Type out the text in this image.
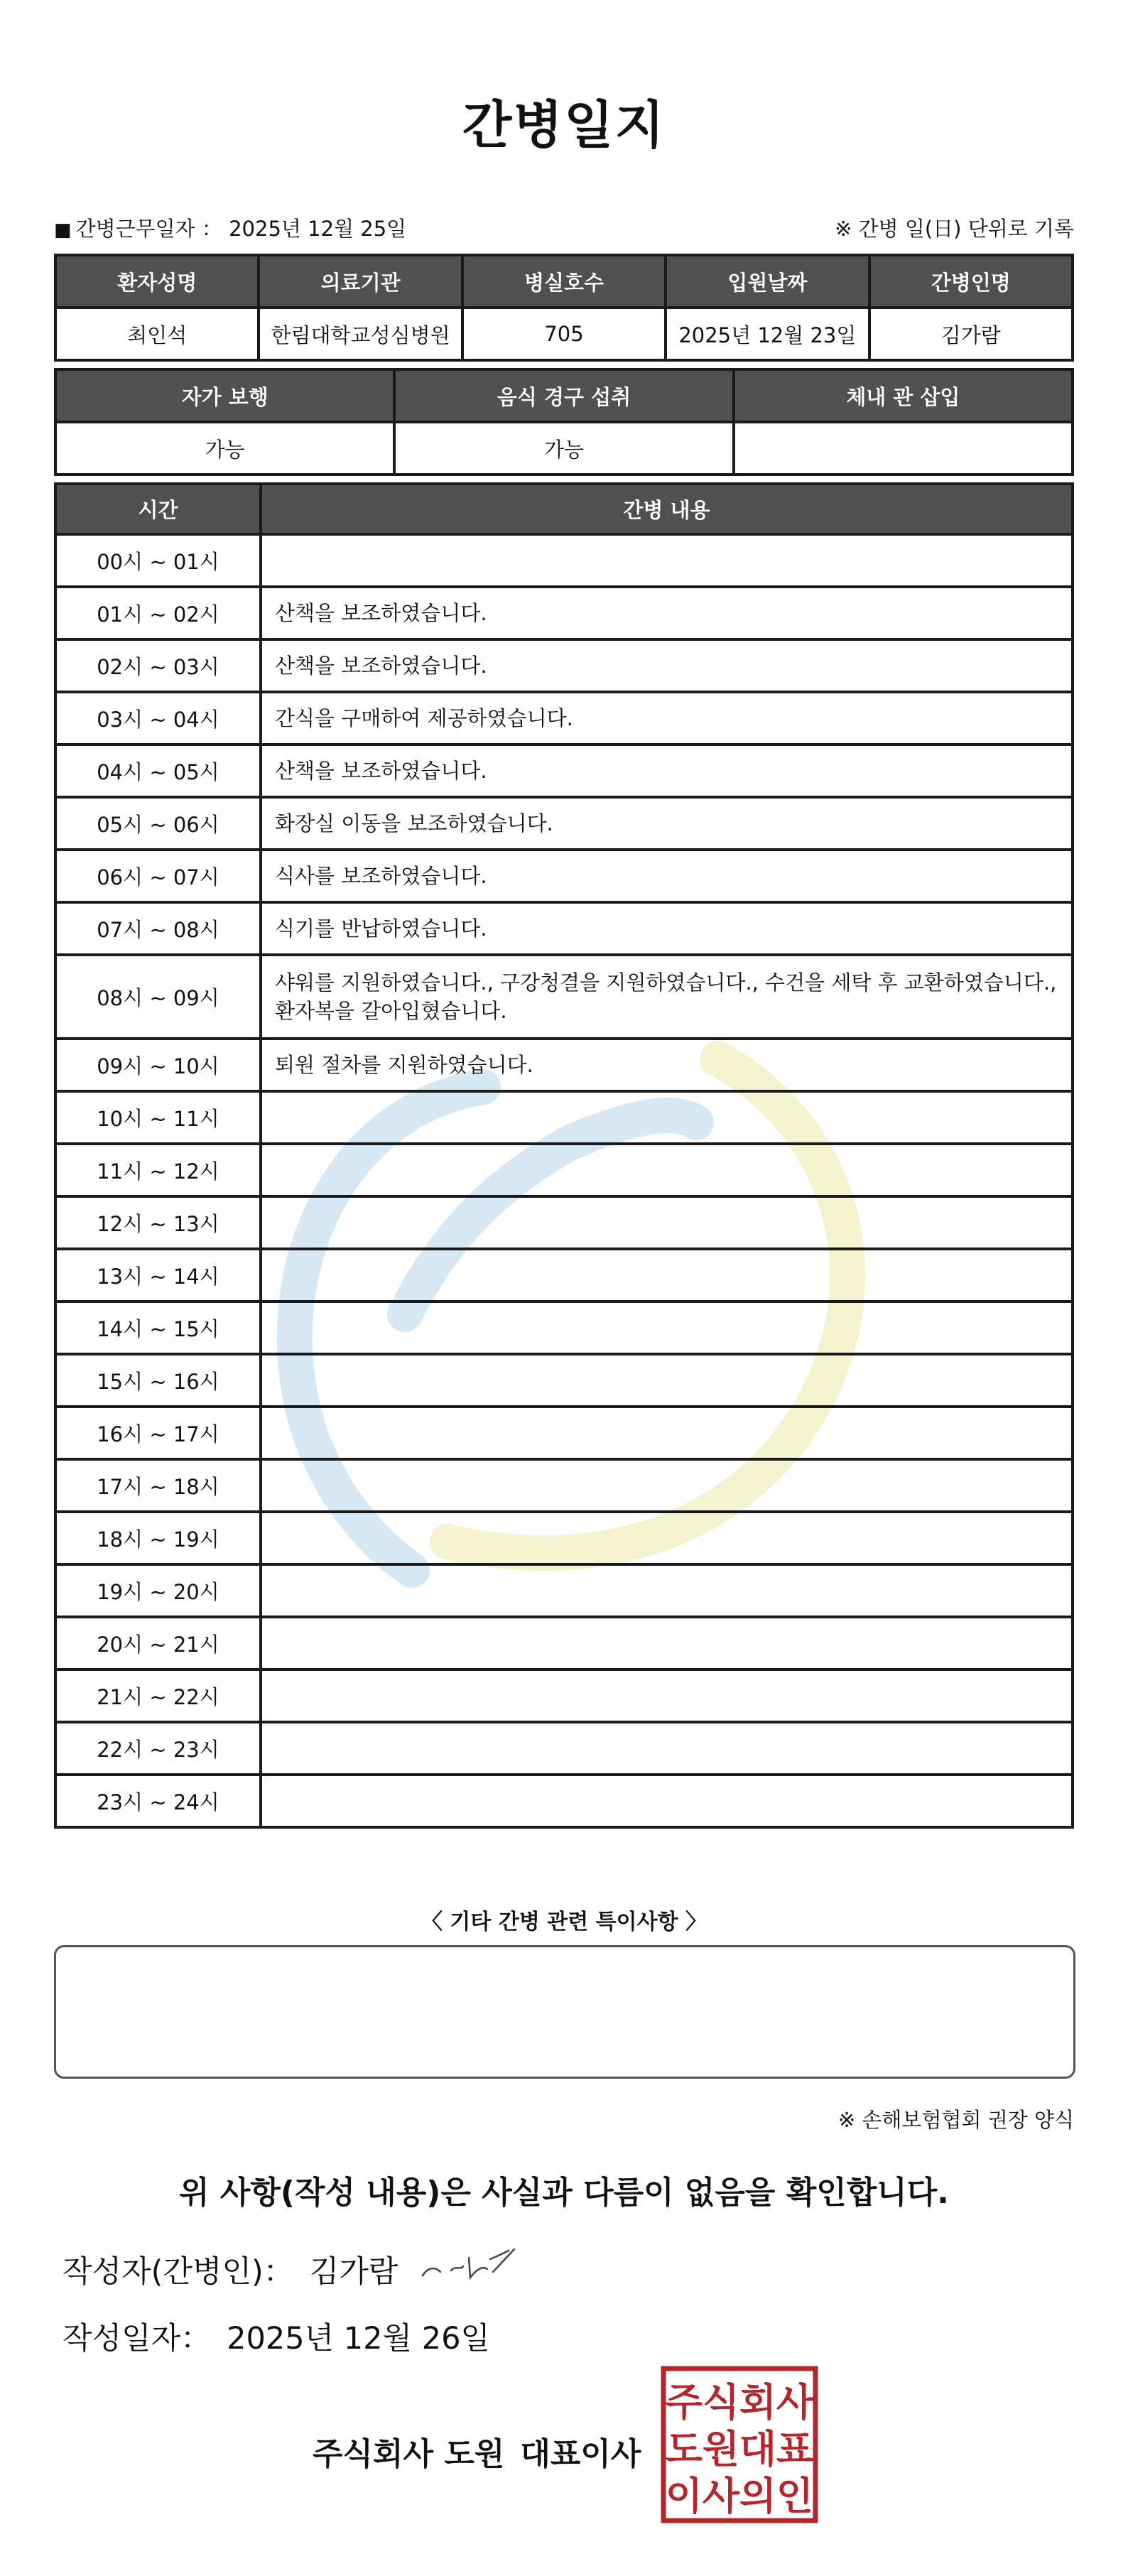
간병일지
■ 간병근무일자 ： 2025년 12월 25일	※ 간병 일(日) 단위로 기록
환자성명	의료기관	병실호수	입원날짜	간병인명
최인석	한림대학교성심병원	705	2025년 12월 23일	김가람
자가 보행	음식 경구 섭취	체내 관 삽입
가능	가능	
시간	간병 내용
00시 ~ 01시	
01시 ~ 02시	산책을 보조하였습니다.
02시 ~ 03시	산책을 보조하였습니다.
03시 ~ 04시	간식을 구매하여 제공하였습니다.
04시 ~ 05시	산책을 보조하였습니다.
05시 ~ 06시	화장실 이동을 보조하였습니다.
06시 ~ 07시	식사를 보조하였습니다.
07시 ~ 08시	식기를 반납하였습니다.
08시 ~ 09시	샤워를 지원하였습니다., 구강청결을 지원하였습니다., 수건을 세탁 후 교환하였습니다., 환자복을 갈아입혔습니다.
09시 ~ 10시	퇴원 절차를 지원하였습니다.
10시 ~ 11시	
11시 ~ 12시	
12시 ~ 13시	
13시 ~ 14시	
14시 ~ 15시	
15시 ~ 16시	
16시 ~ 17시	
17시 ~ 18시	
18시 ~ 19시	
19시 ~ 20시	
20시 ~ 21시	
21시 ~ 22시	
22시 ~ 23시	
23시 ~ 24시	
〈 기타 간병 관련 특이사항 〉
※ 손해보험협회 권장 양식
위 사항(작성 내용)은 사실과 다름이 없음을 확인합니다.
작성자(간병인)： 김가람
작성일자： 2025년 12월 26일
주식회사 도원 대표이사
주 식 회 사
도 원 대 표
이 사 의 인
